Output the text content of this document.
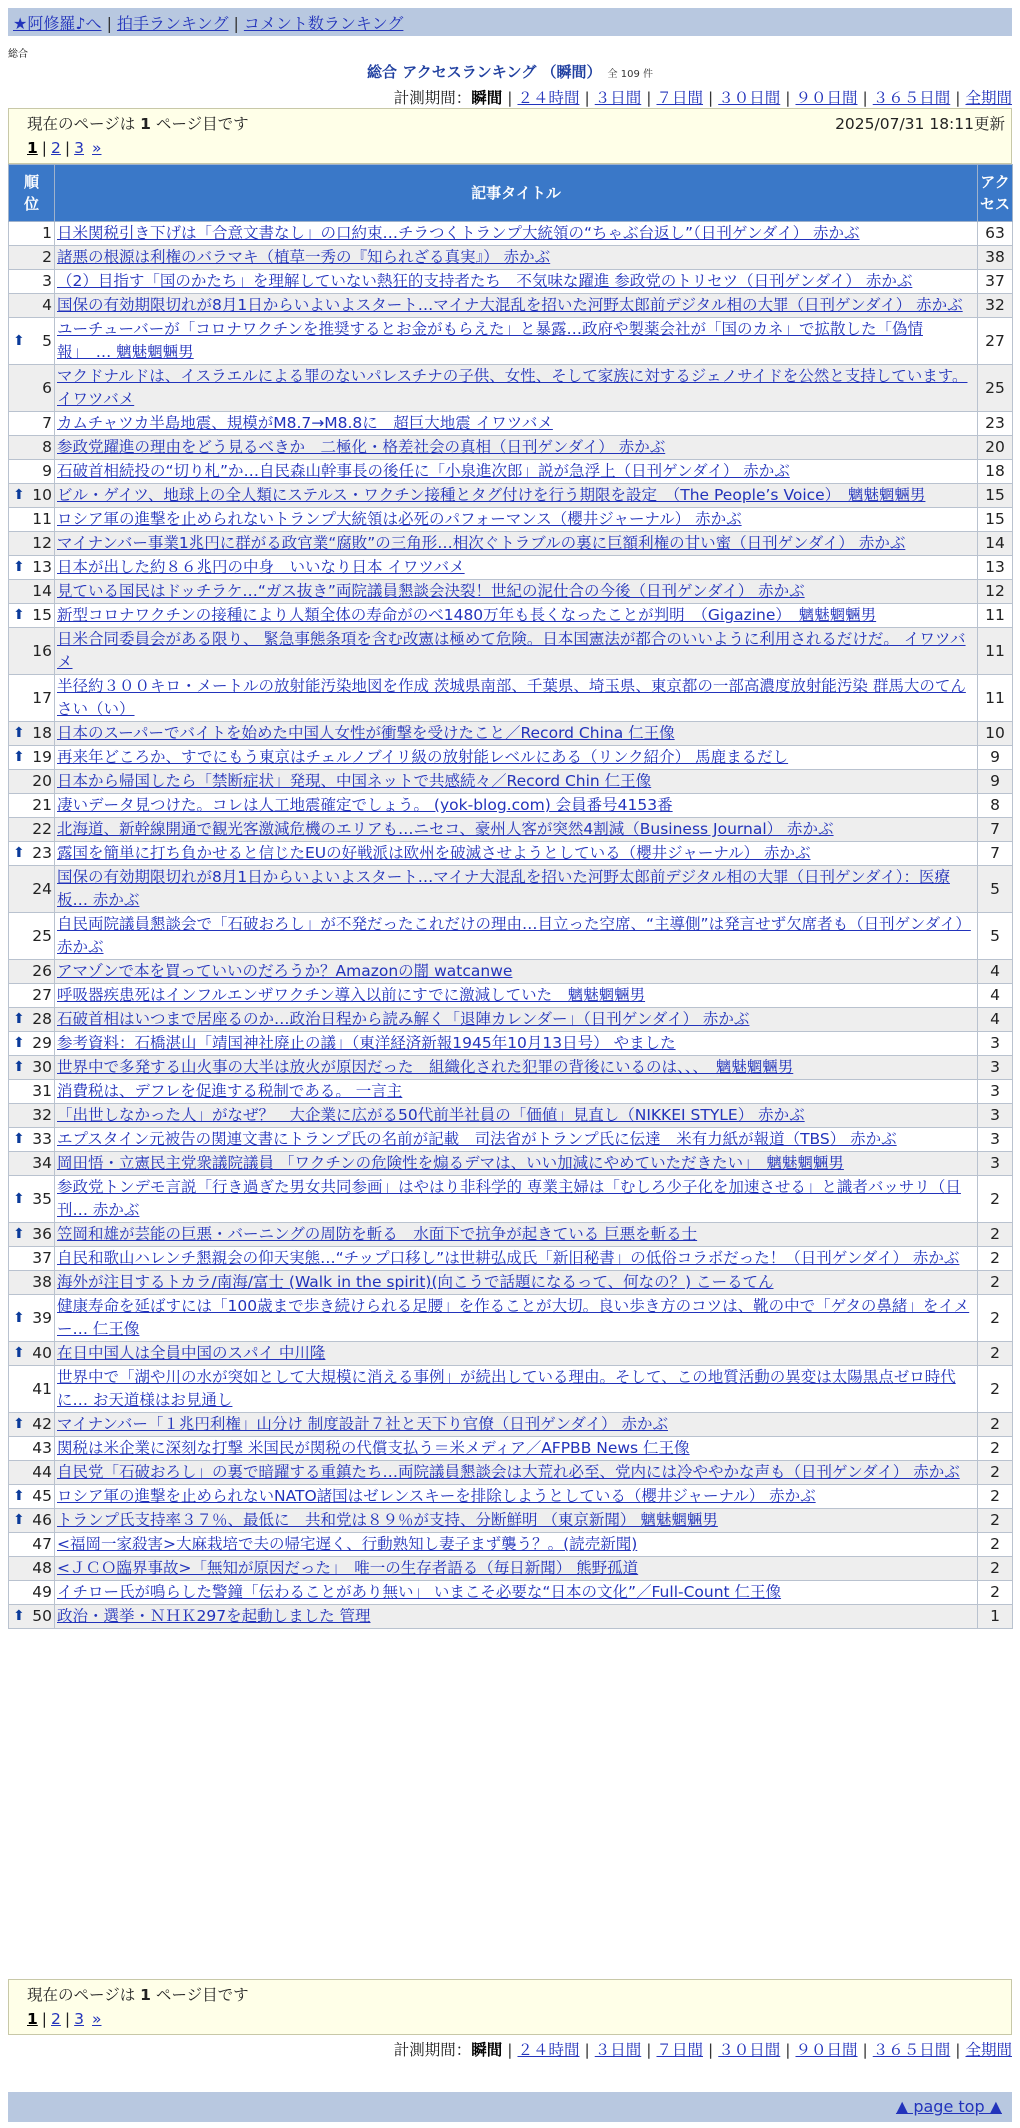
★阿修羅♪へ | 拍手ランキング | コメント数ランキング
総合
総合 アクセスランキング （瞬間） 全 109 件
計測期間：瞬間 | ２４時間 | ３日間 | ７日間 | ３０日間 | ９０日間 | ３６５日間 | 全期間
現在のページは 1 ページ目です
1 | 2 | 3 »
2025/07/31 18:11更新
順位	記事タイトル	アクセス
1	日米関税引き下げは「合意文書なし」の口約束…チラつくトランプ大統領の“ちゃぶ台返し”（日刊ゲンダイ） 赤かぶ	63
2	諸悪の根源は利権のバラマキ（植草一秀の『知られざる真実』） 赤かぶ	38
3	（2）目指す「国のかたち」を理解していない熱狂的支持者たち　不気味な躍進 参政党のトリセツ（日刊ゲンダイ） 赤かぶ	37
4	国保の有効期限切れが8月1日からいよいよスタート…マイナ大混乱を招いた河野太郎前デジタル相の大罪（日刊ゲンダイ） 赤かぶ	32

⬆ 5	ユーチューバーが「コロナワクチンを推奨するとお金がもらえた」と暴露…政府や製薬会社が「国のカネ」で拡散した「偽情報」　… 魑魅魍魎男	27
6	マクドナルドは、イスラエルによる罪のないパレスチナの子供、女性、そして家族に対するジェノサイドを公然と支持しています。 イワツバメ	25
7	カムチャツカ半島地震、規模がM8.7→M8.8に　超巨大地震 イワツバメ	23
8	参政党躍進の理由をどう見るべきか　二極化・格差社会の真相（日刊ゲンダイ） 赤かぶ	20
9	石破首相続投の“切り札”か…自民森山幹事長の後任に「小泉進次郎」説が急浮上（日刊ゲンダイ） 赤かぶ	18

⬆ 10	ビル・ゲイツ、地球上の全人類にステルス・ワクチン接種とタグ付けを行う期限を設定　（The People’s Voice）　魑魅魍魎男	15
11	ロシア軍の進撃を止められないトランプ大統領は必死のパフォーマンス（櫻井ジャーナル） 赤かぶ	15
12	マイナンバー事業1兆円に群がる政官業“腐敗”の三角形…相次ぐトラブルの裏に巨額利権の甘い蜜（日刊ゲンダイ） 赤かぶ	14

⬆ 13	日本が出した約８６兆円の中身　いいなり日本 イワツバメ	13
14	見ている国民はドッチラケ…“ガス抜き”両院議員懇談会決裂！世紀の泥仕合の今後（日刊ゲンダイ） 赤かぶ	12

⬆ 15	新型コロナワクチンの接種により人類全体の寿命がのべ1480万年も長くなったことが判明　（Gigazine）　魑魅魍魎男	11
16	日米合同委員会がある限り、 緊急事態条項を含む改憲は極めて危険。日本国憲法が都合のいいように利用されるだけだ。 イワツバメ	11
17	半径約３００キロ・メートルの放射能汚染地図を作成 茨城県南部、千葉県、埼玉県、東京都の一部高濃度放射能汚染 群馬大のてんさい（い）	11

⬆ 18	日本のスーパーでバイトを始めた中国人女性が衝撃を受けたこと／Record China 仁王像	10

⬆ 19	再来年どころか、すでにもう東京はチェルノブイリ級の放射能レベルにある（リンク紹介） 馬鹿まるだし	9
20	日本から帰国したら「禁断症状」発現、中国ネットで共感続々／Record Chin 仁王像	9
21	凄いデータ見つけた。コレは人工地震確定でしょう。 (yok-blog.com) 会員番号4153番	8
22	北海道、新幹線開通で観光客激減危機のエリアも…ニセコ、豪州人客が突然4割減（Business Journal） 赤かぶ	7

⬆ 23	露国を簡単に打ち負かせると信じたEUの好戦派は欧州を破滅させようとしている（櫻井ジャーナル） 赤かぶ	7
24	国保の有効期限切れが8月1日からいよいよスタート…マイナ大混乱を招いた河野太郎前デジタル相の大罪（日刊ゲンダイ）：医療板… 赤かぶ	5
25	自民両院議員懇談会で「石破おろし」が不発だったこれだけの理由…目立った空席、“主導側”は発言せず欠席者も（日刊ゲンダイ） 赤かぶ	5
26	アマゾンで本を買っていいのだろうか？Amazonの闇 watcanwe	4
27	呼吸器疾患死はインフルエンザワクチン導入以前にすでに激減していた　魑魅魍魎男	4

⬆ 28	石破首相はいつまで居座るのか…政治日程から読み解く「退陣カレンダー」（日刊ゲンダイ） 赤かぶ	4

⬆ 29	参考資料：石橋湛山「靖国神社廃止の議」（東洋経済新報1945年10月13日号） やました	3

⬆ 30	世界中で多発する山火事の大半は放火が原因だった　組織化された犯罪の背後にいるのは、、、　魑魅魍魎男	3
31	消費税は、デフレを促進する税制である。 一言主	3
32	「出世しなかった人」がなぜ？　大企業に広がる50代前半社員の「価値」見直し（NIKKEI STYLE） 赤かぶ	3

⬆ 33	エプスタイン元被告の関連文書にトランプ氏の名前が記載　司法省がトランプ氏に伝達　米有力紙が報道（TBS） 赤かぶ	3
34	岡田悟・立憲民主党衆議院議員 「ワクチンの危険性を煽るデマは、いい加減にやめていただきたい」　魑魅魍魎男	3

⬆ 35	参政党トンデモ言説「行き過ぎた男女共同参画」はやはり非科学的 専業主婦は「むしろ少子化を加速させる」と識者バッサリ（日刊… 赤かぶ	2

⬆ 36	笠岡和雄が芸能の巨悪・バーニングの周防を斬る　水面下で抗争が起きている 巨悪を斬る士	2
37	自民和歌山ハレンチ懇親会の仰天実態…“チップ口移し”は世耕弘成氏「新旧秘書」の低俗コラボだった！（日刊ゲンダイ） 赤かぶ	2
38	海外が注目するトカラ/南海/富士 (Walk in the spirit)(向こうで話題になるって、何なの？) こーるてん	2

⬆ 39	健康寿命を延ばすには「100歳まで歩き続けられる足腰」を作ることが大切。良い歩き方のコツは、靴の中で「ゲタの鼻緒」をイメー… 仁王像	2

⬆ 40	在日中国人は全員中国のスパイ 中川隆	2
41	世界中で「湖や川の水が突如として大規模に消える事例」が続出している理由。そして、この地質活動の異変は太陽黒点ゼロ時代に… お天道様はお見通し	2

⬆ 42	マイナンバー「１兆円利権」山分け 制度設計７社と天下り官僚（日刊ゲンダイ） 赤かぶ	2
43	関税は米企業に深刻な打撃 米国民が関税の代償支払う＝米メディア／AFPBB News 仁王像	2
44	自民党「石破おろし」の裏で暗躍する重鎮たち…両院議員懇談会は大荒れ必至、党内には冷ややかな声も（日刊ゲンダイ） 赤かぶ	2

⬆ 45	ロシア軍の進撃を止められないNATO諸国はゼレンスキーを排除しようとしている（櫻井ジャーナル） 赤かぶ	2

⬆ 46	トランプ氏支持率３７％、最低に　共和党は８９％が支持、分断鮮明 （東京新聞） 魑魅魍魎男	2
47	<福岡一家殺害>大麻栽培で夫の帰宅遅く、行動熟知し妻子まず襲う？。(読売新聞)	2
48	<ＪＣＯ臨界事故>「無知が原因だった」　唯一の生存者語る（毎日新聞） 熊野孤道	2
49	イチロー氏が鳴らした警鐘「伝わることがあり無い」 いまこそ必要な“日本の文化”／Full-Count 仁王像	2

⬆ 50	政治・選挙・ＮＨＫ297を起動しました 管理	1
現在のページは 1 ページ目です
1 | 2 | 3 »
計測期間：瞬間 | ２４時間 | ３日間 | ７日間 | ３０日間 | ９０日間 | ３６５日間 | 全期間
▲ page top ▲
